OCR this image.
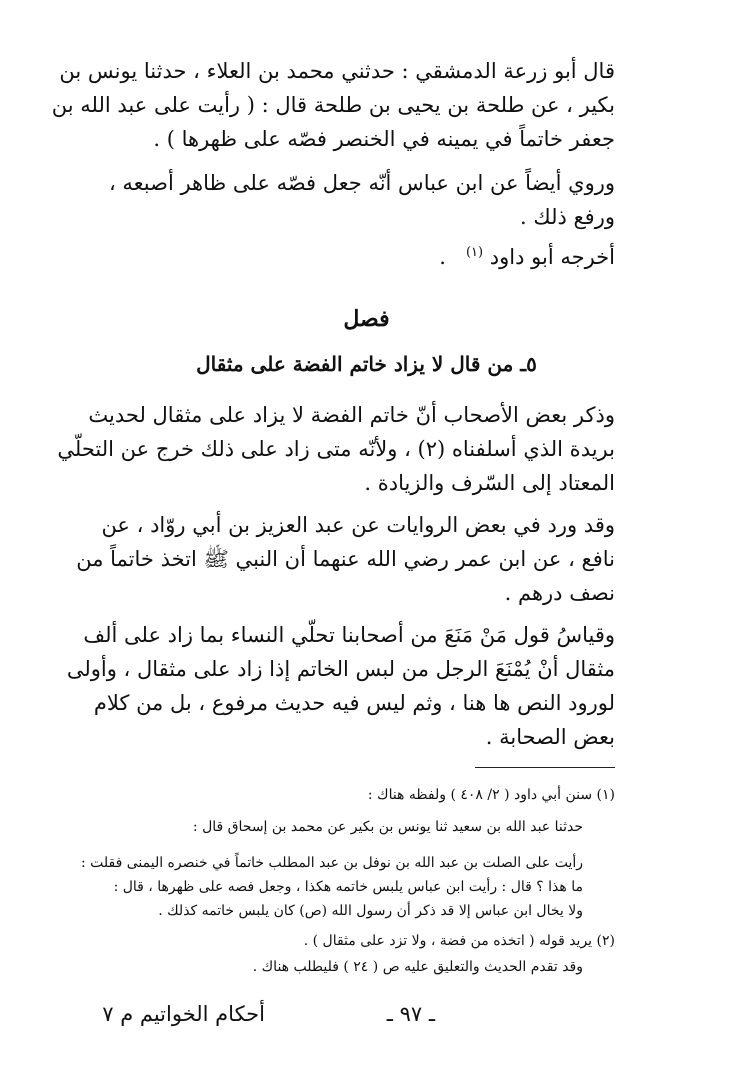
قال أبو زرعة الدمشقي : حدثني محمد بن العلاء ، حدثنا يونس بن
بكير ، عن طلحة بن يحيى بن طلحة قال : ( رأيت على عبد الله بن
جعفر خاتماً في يمينه في الخنصر فصّه على ظهرها ) .

وروي أيضاً عن ابن عباس أنّه جعل فصّه على ظاهر أصبعه ،
ورفع ذلك .

أخرجه أبو داود $^{(١)}$   .

فصل
٥ـ من قال لا يزاد خاتم الفضة على مثقال

وذكر بعض الأصحاب أنّ خاتم الفضة لا يزاد على مثقال لحديث
بريدة الذي أسلفناه (٢) ، ولأنّه متى زاد على ذلك خرج عن التحلّي
المعتاد إلى السّرف والزيادة .

وقد ورد في بعض الروايات عن عبد العزيز بن أبي روّاد ، عن
نافع ، عن ابن عمر رضي الله عنهما أن النبي ﷺ اتخذ خاتماً من
نصف درهم .

وقياسُ قول مَنْ مَنَعَ من أصحابنا تحلّي النساء بما زاد على ألف
مثقال أنْ يُمْنَعَ الرجل من لبس الخاتم إذا زاد على مثقال ، وأولى
لورود النص ها هنا ، وثم ليس فيه حديث مرفوع ، بل من كلام
بعض الصحابة .

(١) سنن أبي داود ( ٢/ ٤٠٨ ) ولفظه هناك :
حدثنا عبد الله بن سعيد ثنا يونس بن بكير عن محمد بن إسحاق قال :
رأيت على الصلت بن عبد الله بن نوفل بن عبد المطلب خاتماً في خنصره اليمنى فقلت :
ما هذا ؟ قال : رأيت ابن عباس يلبس خاتمه هكذا ، وجعل فصه على ظهرها ، قال :
ولا يخال ابن عباس إلا قد ذكر أن رسول الله (ص) كان يلبس خاتمه كذلك .
(٢) يريد قوله ( اتخذه من فضة ، ولا تزد على مثقال ) .
وقد تقدم الحديث والتعليق عليه ص ( ٢٤ ) فليطلب هناك .
ـ ٩٧ ـ
أحكام الخواتيم م ٧
